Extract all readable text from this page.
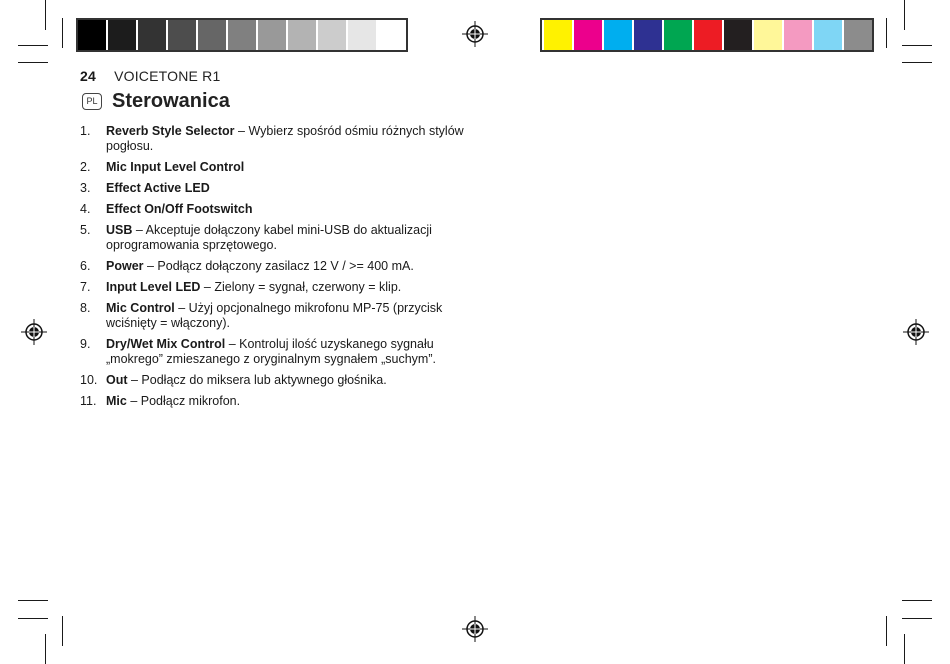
24 VOICETONE R1
PL Sterowanica
1.	Reverb Style Selector – Wybierz spośród ośmiu różnych stylów pogłosu.
2.	Mic Input Level Control
3.	Effect Active LED
4.	Effect On/Off Footswitch
5.	USB – Akceptuje dołączony kabel mini-USB do aktualizacji oprogramowania sprzętowego.
6.	Power – Podłącz dołączony zasilacz 12 V / >= 400 mA.
7.	Input Level LED – Zielony = sygnał, czerwony = klip.
8.	Mic Control – Użyj opcjonalnego mikrofonu MP-75 (przycisk wciśnięty = włączony).
9.	Dry/Wet Mix Control – Kontroluj ilość uzyskanego sygnału „mokrego” zmieszanego z oryginalnym sygnałem „suchym”.
10. Out – Podłącz do miksera lub aktywnego głośnika.
11. Mic – Podłącz mikrofon.
